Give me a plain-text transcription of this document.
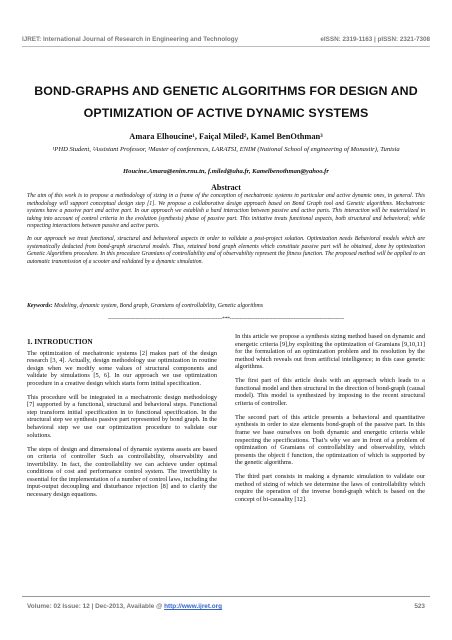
IJRET: International Journal of Research in Engineering and Technology	eISSN: 2319-1163 | pISSN: 2321-7308
BOND-GRAPHS AND GENETIC ALGORITHMS FOR DESIGN AND OPTIMIZATION OF ACTIVE DYNAMIC SYSTEMS
Amara Elhoucine¹, Faiçal Miled², Kamel BenOthman³
¹PHD Student, ²Assistant Professor, ³Master of conferences, LARATSI, ENIM (National School of engineering of Monastir), Tunisia
Houcine.Amara@enim.rnu.tn, f.miled@uha.fr, Kamelbenothman@yahoo.fr
Abstract

The aim of this work is to propose a methodology of sizing in a frame of the conception of mechatronic systems in particular and active dynamic ones, in general. This methodology will support conceptual design step [1]. We propose a collaborative design approach based on Bond Graph tool and Genetic algorithms. Mechatronic systems have a passive part and active part. In our approach we establish a hard interaction between passive and active parts. This interaction will be materialized in taking into account of control criteria in the evolution (synthesis) phase of passive part. This initiative treats functional aspects, both structural and behavioral; while respecting interactions between passive and active parts.

In our approach we treat functional, structural and behavioral aspects in order to validate a post-project solution. Optimization needs Behavioral models which are systematically deducted from bond-graph structural models. Thus, retained bond graph elements which constitute passive part will be obtained, done by optimization Genetic Algorithms procedure. In this procedure Gramians of controllability and of observability represent the fitness function. The proposed method will be applied to an automatic transmission of a scooter and validated by a dynamic simulation.

Keywords: Modeling, dynamic system, Bond graph, Gramians of controllability, Genetic algorithms
----------------------------------------------------------------------***----------------------------------------------------------------------
1. INTRODUCTION

The optimization of mechatronic systems [2] makes part of the design research [3, 4]. Actually, design methodology use optimization in routine design when we modify some values of structural components and validate by simulations [5, 6]. In our approach we use optimization procedure in a creative design which starts form initial specification.

This procedure will be integrated in a mechatronic design methodology [7] supported by a functional, structural and behavioral steps. Functional step transform initial specification in to functional specification. In the structural step we synthesis passive part represented by bond graph. In the behavioral step we use our optimization procedure to validate our solutions.

The steps of design and dimensional of dynamic systems assets are based on criteria of controller Such as controllability, observability and invertibility. In fact, the controllability we can achieve under optimal conditions of cost and performance control system. The invertibility is essential for the implementation of a number of control laws, including the input-output decoupling and disturbance rejection [8] and to clarify the necessary design equations.

In this article we propose a synthesis sizing method based on dynamic and energetic criteria [9],by exploiting the optimization of Gramians [9,10,11] for the formulation of an optimization problem and its resolution by the method which reveals out from artificial intelligence; in this case genetic algorithms.

The first part of this article deals with an approach which leads to a functional model and then structural in the direction of bond-graph (causal model). This model is synthesized by imposing to the recent structural criteria of controller.

The second part of this article presents a behavioral and quantitative synthesis in order to size elements bond-graph of the passive part. In this frame we base ourselves on both dynamic and energetic criteria while respecting the specifications. That’s why we are in front of a problem of optimization of Gramians of controllability and observability, which presents the objecti f function, the optimization of which is supported by the genetic algorithms.

The third part consists in making a dynamic simulation to validate our method of sizing of which we determine the laws of controllability which require the operation of the inverse bond-graph which is based on the concept of bi-causality [12].

Volume: 02 Issue: 12 | Dec-2013, Available @ http://www.ijret.org	523
